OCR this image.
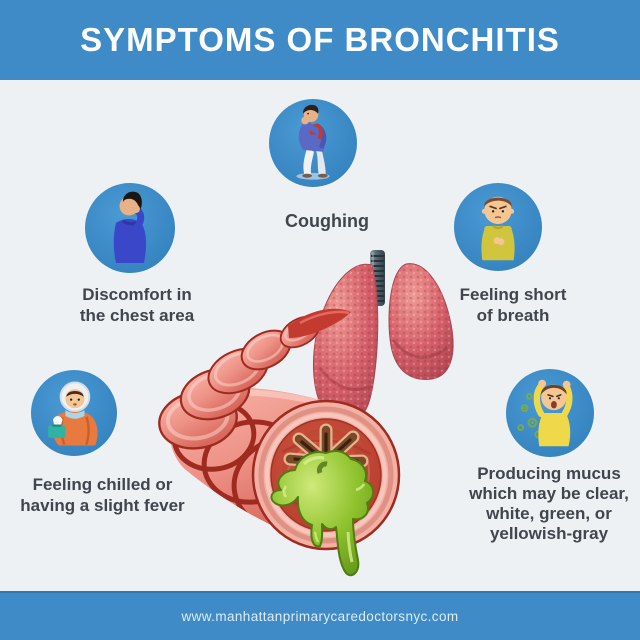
SYMPTOMS OF BRONCHITIS
Coughing
Discomfort in
the chest area
Feeling short
of breath
Feeling chilled or
having a slight fever
Producing mucus
which may be clear,
white, green, or
yellowish-gray
www.manhattanprimarycaredoctorsnyc.com
